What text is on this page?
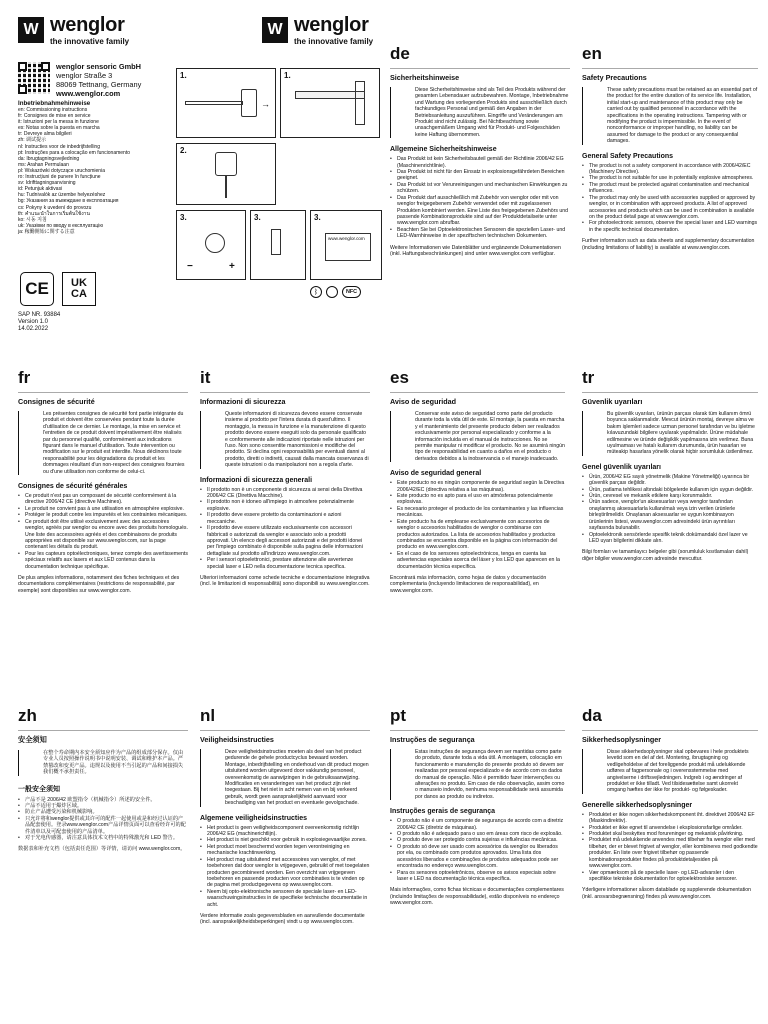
W wenglor
the innovative family
wenglor sensoric GmbH
wenglor Straße 3
88069 Tettnang, Germany
www.wenglor.com
Inbetriebnahmehinweise
en: Commissioning instructions
fr: Consignes de mise en service
it: Istruzioni per la messa in funzione
es: Notas sobre la puesta en marcha
tr: Devreye alma bilgileri
zh: 调试提示
nl: Instructies voor de inbedrijfstelling
pt: Instruções para a colocação em funcionamento
da: Ibrugtagningsvejledning
ms: Arahan Permulaan
pl: Wskazówki dotyczące uruchomienia
ro: Instrucțiuni de punere în funcțiune
sv: Idrifttagningsanvisning
id: Petunjuk aktivasi
hu: Tudnivalók az üzembe helyezéshez
bg: Указания за въвеждане в експлоатация
cs: Pokyny k uvedení do provozu
th: คำแนะนำในการเริ่มต้นใช้งาน
ko: 시동 지침
uk: Указівки по вводу в експлуатацію
ja: 稼働開始に関する注意
CE UK
CA
SAP NR. 93884
Version 1.0
14.02.2022
1.
→
1.
2.
3.
−	+
3.	3.
www.wenglor.com
ᛒ	NFC
W wenglor
the innovative family
de
Sicherheitshinweise
Diese Sicherheitshinweise sind als Teil des Produkts während der gesamten Lebensdauer aufzubewahren. Montage, Inbetriebnahme und Wartung des vorliegenden Produkts sind ausschließlich durch fachkundiges Personal und gemäß den Angaben in der Betriebsanleitung auszuführen. Eingriffe und Veränderungen am Produkt sind nicht zulässig. Bei Nichtbeachtung sowie unsachgemäßem Umgang wird für Produkt- und Folgeschäden keine Haftung übernommen.
Allgemeine Sicherheitshinweise
• Das Produkt ist kein Sicherheitsbauteil gemäß der Richtlinie 2006/42 EG (Maschinenrichtlinie).
• Das Produkt ist nicht für den Einsatz in explosionsgefährdeten Bereichen geeignet.
• Das Produkt ist vor Verunreinigungen und mechanischen Einwirkungen zu schützen.
• Das Produkt darf ausschließlich mit Zubehör von wenglor oder mit von wenglor freigegebenem Zubehör verwendet oder mit zugelassenen Produkten kombiniert werden. Eine Liste des freigegebenen Zubehörs und passende Kombinationsprodukte sind auf der Produktdetailseite unter www.wenglor.com abrufbar.
• Beachten Sie bei Optoelektronischen Sensoren die speziellen Laser- und LED-Warnhinweise in der speziftschen technischen Dokumenten.
Weitere Informationen wie Datenblätter und ergänzende Dokumentationen (inkl. Haftungsbeschränkungen) sind unter www.wenglor.com verfügbar.
en
Safety Precautions
These safety precautions must be retained as an essential part of the product for the entire duration of its service life. Installation, initial start-up and maintenance of this product may only be carried out by qualified personnel in accordance with the specifications in the operating instructions. Tampering with or modifying the product is impermissible. In the event of nonconformance or improper handling, no liability can be assumed for damage to the product or any consequential damages.
General Safety Precautions
• The product is not a safety component in accordance with 2006/42/EC (Machinery Directive).
• The product is not suitable for use in potentially explosive atmospheres.
• The product must be protected against contamination and mechanical influences.
• The product may only be used with accessories supplied or approved by wenglor, or in combination with approved products. A list of approved accessories and products which can be used in combination is available on the product detail page at www.wenglor.com.
• For photoelectronic sensors, observe the special laser and LED warnings in the specific technical documentation.
Further information such as data sheets and supplementary documentation (including limitations of liability) is available at www.wenglor.com.
fr
Consignes de sécurité
Les présentes consignes de sécurité font partie intégrante du produit et doivent être conservées pendant toute la durée d'utilisation de ce dernier. Le montage, la mise en service et l'entretien de ce produit doivent impérativement être réalisés par du personnel qualifié, conformément aux indications figurant dans le manuel d'utilisation. Toute intervention ou modification sur le produit est interdite. Nous déclinons toute responsabilité pour les dégradations du produit et les dommages résultant d'un non-respect des consignes fournies ou d'une utilisation non conforme de celui-ci.
Consignes de sécurité générales
• Ce produit n'est pas un composant de sécurité conformément à la directive 2006/42 CE (directive Machines).
• Le produit ne convient pas à une utilisation en atmosphère explosive.
• Protéger le produit contre les impuretés et les contraintes mécaniques.
• Ce produit doit être utilisé exclusivement avec des accessoires wenglor, agréés par wenglor ou encore avec des produits homologués. Une liste des accessoires agréés et des combinaisons de produits appropriées est disponible sur www.wenglor.com, sur la page contenant les détails du produit.
• Pour les capteurs optoélectroniques, tenez compte des avertissements spéciaux relatifs aux lasers et aux LED contenus dans la documentation technique spécifique.
De plus amples informations, notamment des fiches techniques et des documentations complémentaires (restrictions de responsabilité, par exemple) sont disponibles sur www.wenglor.com.
it
Informazioni di sicurezza
Queste informazioni di sicurezza devono essere conservate insieme al prodotto per l'intera durata di quest'ultimo. Il montaggio, la messa in funzione e la manutenzione di questo prodotto devono essere eseguiti solo da personale qualificato e conformemente alle indicazioni riportate nelle istruzioni per l'uso. Non sono consentite manomissioni e modifiche del prodotto. Si declina ogni responsabilità per eventuali danni al prodotto, diretti o indiretti, causati dalla mancata osservanza di queste istruzioni o da manipolazioni non a regola d'arte.
Informazioni di sicurezza generali
• Il prodotto non è un componente di sicurezza ai sensi della Direttiva 2006/42 CE (Direttiva Macchine).
• Il prodotto non è idoneo all'impiego in atmosfere potenzialmente esplosive.
• Il prodotto deve essere protetto da contaminazioni e azioni meccaniche.
• Il prodotto deve essere utilizzato esclusivamente con accessori fabbricati o autorizzati da wenglor e associato solo a prodotti approvati. Un elenco degli accessori autorizzati e dei prodotti idonei per l'impiego combinato è disponibile sulla pagina delle informazioni dettagliate sul prodotto all'indirizzo www.wenglor.com.
• Per i sensori optoelettronici, prestare attenzione alle avvertenze speciali laser e LED nella documentazione tecnica specifica.
Ulteriori informazioni come schede tecniche e documentazione integrativa (incl. le limitazioni di responsabilità) sono disponibili su www.wenglor.com.
es
Aviso de seguridad
Conservar este aviso de seguridad como parte del producto durante toda la vida útil de este. El montaje, la puesta en marcha y el mantenimiento del presente producto deben ser realizados exclusivamente por personal especializado y conforme a la información incluida en el manual de instrucciones. No se permite manipular ni modificar el producto. No se asumirá ningún tipo de responsabilidad en cuanto a daños en el producto o derivados debidos a la inobservancia o el manejo inadecuado.
Aviso de seguridad general
• Este producto no es ningún componente de seguridad según la Directiva 2006/42/EC (directiva relativa a las máquinas).
• Este producto no es apto para el uso en atmósferas potencialmente explosivas.
• Es necesario proteger el producto de los contaminantes y las influencias mecánicas.
• Este producto ha de emplearse exclusivamente con accesorios de wenglor o accesorios habilitados de wenglor o combinarse con productos autorizados. La lista de accesorios habilitados y productos combinados se encuentra disponible en la página con información del producto en www.wenglor.com.
• En el caso de los sensores optoelectrónicos, tenga en cuenta las advertencias especiales acerca del láser y los LED que aparecen en la documentación técnica específica.
Encontrará más información, como hojas de datos y documentación complementaria (incluyendo limitaciones de responsabilidad), en www.wenglor.com.
tr
Güvenlik uyarıları
Bu güvenlik uyarıları, ürünün parçası olarak tüm kullanım ömrü boyunca saklanmalıdır. Mevcut ürünün montaj, devreye alma ve bakım işlemleri sadece uzman personel tarafından ve bu işletme kılavuzundaki bilgilere uyularak yapılmalıdır. Ürüne müdahale edilmesine ve üründe değişiklik yapılmasına izin verilmez. Buna uyulmaması ve hatalı kullanım durumunda, ürün hasarları ve müteakip hasarlara yönelik olarak hiçbir sorumluluk üstlenilmez.
Genel güvenlik uyarıları
• Ürün, 2006/42 EG sayılı yönetmelik (Makine Yönetmeliği) uyarınca bir güvenlik parçası değildir.
• Ürün, patlama tehlikesi altındaki bölgelerde kullanım için uygun değildir.
• Ürün, cevresel ve mekanik etkilere karşı korunmalıdır.
• Ürün sadece, wenglor'un aksesuarları veya wenglor tarafından onaylanmış aksesuarlarla kullanılmalı veya izin verilen ürünlerle birleştirilmelidir. Onaylanan aksesuarlar ve uygun kombinasyon ürünlerinin listesi, www.wenglor.com adresindeki ürün ayrıntıları sayfasında bulunabilir.
• Optoelektronik sensörlerde spesifik teknik dokümandaki özel lazer ve LED uyarı bilgilerini dikkate alın.
Bilgi formları ve tamamlayıcı belgeler gibi (sorumluluk kısıtlamaları dahil) diğer bilgiler www.wenglor.com adresinde mevcuttur.
zh
安全须知
在整个寿命期内本安全须知应作为产品的组成部分保存。仅由专业人员按照操作说明书中说明安装、调试和维护本产品。严禁篡改和变更产品。违规以及使用不当引起的产品和间接损失我们概不承担责任。
一般安全须知
• 产品不是 2006/42 欧盟指令（机械指令）所述的安全件。
• 产品不适用于爆炸区域。
• 防止产品遭受污染和机械影响。
• 只允许将和wenglor提供或其许可的配件一起使用或是和经过认证的产品配套使用。登录www.wenglor.com产品详情页面可以查看经许可的配件清单以及可配套使用的产品清单。
• 对于光电传感器，请注意具体技术文档中的特殊激光和 LED 警告。
数据表和补充文档（包括责任范围）等详情，请访问 www.wenglor.com。
nl
Veiligheidsinstructies
Deze veiligheidsinstructies moeten als deel van het product gedurende de gehele productcyclus bewaard worden. Montage, inbedrijfstelling en onderhoud van dit product mogen uitsluitend worden uitgevoerd door vakkundig personeel, overeenkomstig de aanwijzingen in de gebruiksaanwijzing. Modificaties en veranderingen van het product zijn niet toegestaan. Bij het niet in acht nemen van en bij verkeerd gebruik, wordt geen aansprakelijkheid aanvaard voor beschadiging van het product en eventuele gevolgschade.
Algemene veiligheidsinstructies
• Het product is geen veiligheidscomponent overeenkomstig richtlijn 2006/42 EG (machinerichtlijn).
• Het product is niet geschikt voor gebruik in explosiegevaarlijke zones.
• Het product moet beschermd worden tegen verontreiniging en mechanische krachtinwerking.
• Het product mag uitsluitend met accessoires van wenglor, of met toebehoren dat door wenglor is vrijgegeven, gebruikt of met toegelaten producten gecombineerd worden. Een overzicht van vrijgegeven toebehoren en passende producten voor combinaties is te vinden op de pagina met productgegevens op www.wenglor.com.
• Neem bij opto-elektronische sensoren de speciale laser- en LED-waarschuwingsinstructies in de specifieke technische documentatie in acht.
Verdere informatie zoals gegevensbladen en aanvullende documentatie (incl. aansprakelijkheidsbeperkingen) vindt u op www.wenglor.com.
pt
Instruções de segurança
Estas instruções de segurança devem ser mantidas como parte do produto, durante toda a vida útil. A montagem, colocação em funcionamento e manutenção do presente produto só devem ser realizadas por pessoal especializado e de acordo com os dados do manual de operação. Não é permitido fazer intervenções ou alterações no produto. Em caso de não observação, assim como o manuseio indevido, nenhuma responsabilidade será assumida por danos ao produto ou indiretos.
Instruções gerais de segurança
• O produto não é um componente de segurança de acordo com a diretriz 2006/42 CE (diretriz de máquinas).
• O produto não é adequado para o uso em áreas com risco de explosão.
• O produto deve ser protegido contra sujeiras e influências mecânicas.
• O produto só deve ser usado com acessórios da wenglor ou liberados por ela, ou combinado com produtos aprovados. Uma lista dos acessórios liberados e combinações de produtos adequados pode ser encontrada no endereço www.wenglor.com.
• Para os sensores optoeletrônicos, observe os avisos especiais sobre laser e LED na documentação técnica específica.
Mais informações, como fichas técnicas e documentações complementares (incluindo limitações de responsabilidade), estão disponíveis no endereço www.wenglor.com.
da
Sikkerhedsoplysninger
Disse sikkerhedsoplysninger skal opbevares i hele produktets levetid som en del af det. Montering, ibrugtagning og vedligeholdelse af det foreliggende produkt må udelukkende udføres af fagpersonale og i overensstemmelse med angivelserne i driftsvejledningen. Indgreb i og ændringer af produktet er ikke tilladt. Ved tilsidesættelse samt ukorrekt omgang hæftes der ikke for produkt- og følgeskader.
Generelle sikkerhedsoplysninger
• Produktet er ikke nogen sikkerhedskomponent iht. direktivet 2006/42 EF (Maskindirektiv).
• Produktet er ikke egnet til anvendelse i eksplosionsfarlige områder.
• Produktet skal beskyttes mod forureninger og mekanisk påvirkning.
• Produktet må udelukkende anvendes med tilbehør fra wenglor eller med tilbehør, der er blevet frigivet af wenglor, eller kombineres med godkendte produkter. En liste over frigivet tilbehør og passende kombinationsprodukter findes på produktdetaljesiden på www.wenglor.com.
• Vær opmærksom på de specielle laser- og LED-advarsler i den specifikke tekniske dokumentation for optoelektroniske sensorer.
Yderligere informationer såsom datablade og supplerende dokumentation (inkl. ansvarsbegrænsning) findes på www.wenglor.com.
